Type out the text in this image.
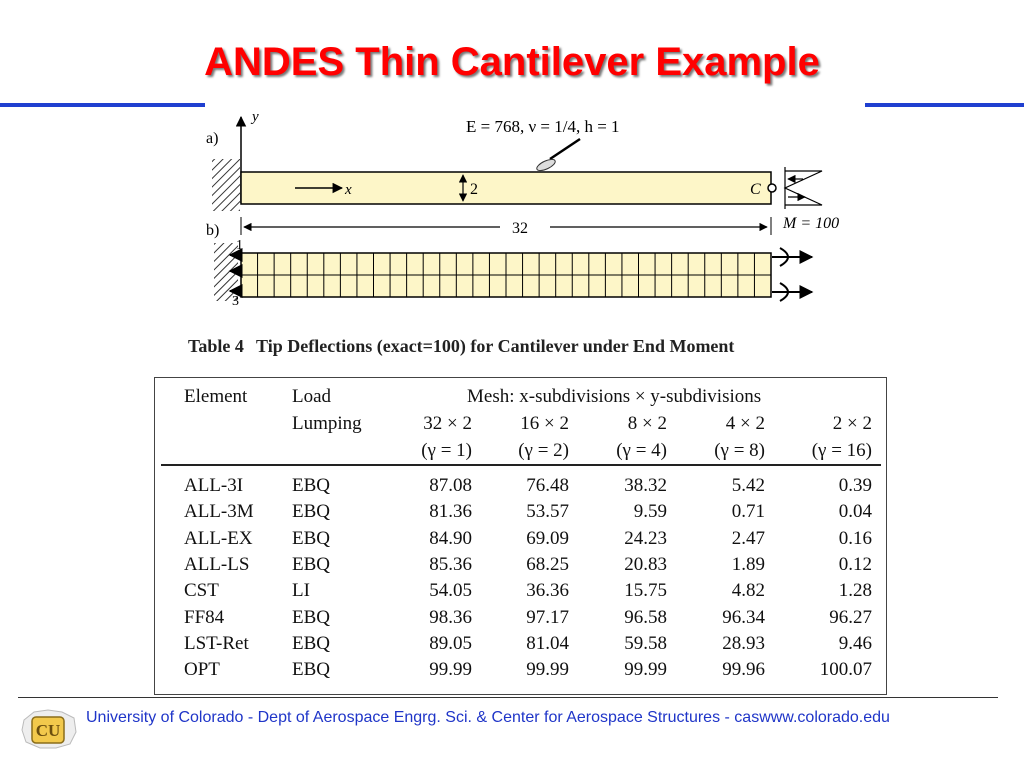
ANDES Thin Cantilever Example
a)
b)
y
x	2	C
E = 768, ν = 1/4, h = 1
M = 100
32
1
3
Table 4 Tip Deflections (exact=100) for Cantilever under End Moment
Element Load
Lumping
Mesh: x-subdivisions × y-subdivisions
32 × 2	16 × 2	8 × 2	4 × 2	2 × 2
(γ = 1)	(γ = 2)	(γ = 4)	(γ = 8)	(γ = 16)
ALL-3I	EBQ	87.08	76.48	38.32	5.42	0.39
ALL-3M EBQ	81.36	53.57	9.59	0.71	0.04
ALL-EX EBQ	84.90	69.09	24.23	2.47	0.16
ALL-LS EBQ	85.36	68.25	20.83	1.89	0.12
CST	LI	54.05	36.36	15.75	4.82	1.28
FF84	EBQ	98.36	97.17	96.58	96.34	96.27
LST-Ret EBQ	89.05	81.04	59.58	28.93	9.46
OPT	EBQ	99.99	99.99	99.99	99.96	100.07
CU
University of Colorado - Dept of Aerospace Engrg. Sci. & Center for Aerospace Structures - caswww.colorado.edu
